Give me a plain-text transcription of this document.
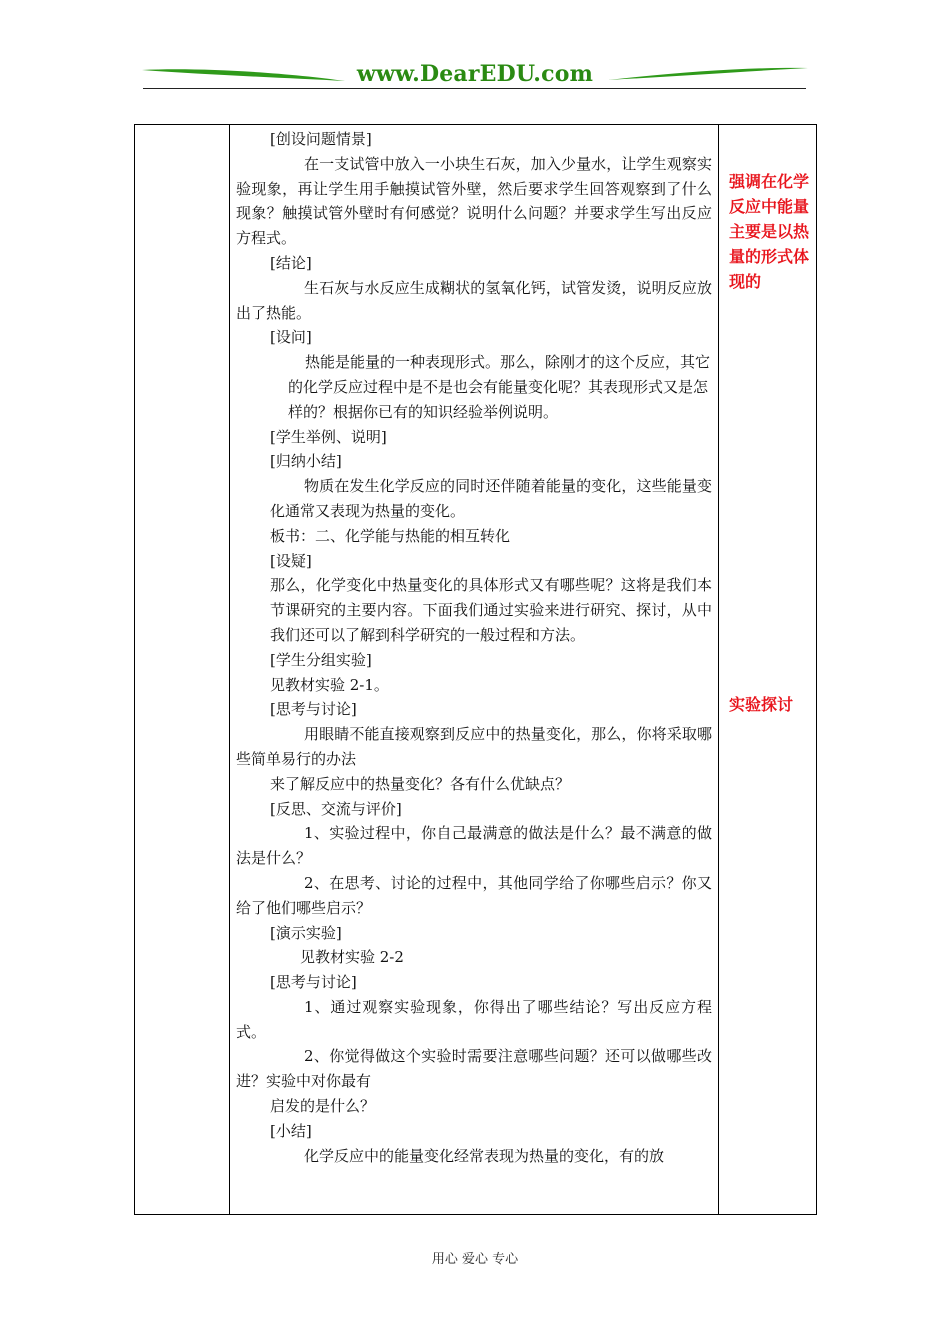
www.DearEDU.com

[创设问题情景]

在一支试管中放入一小块生石灰，加入少量水，让学生观察实验现象，再让学生用手触摸试管外壁，然后要求学生回答观察到了什么现象？触摸试管外壁时有何感觉？说明什么问题？并要求学生写出反应方程式。

[结论]

生石灰与水反应生成糊状的氢氧化钙，试管发烫，说明反应放出了热能。

[设问]

热能是能量的一种表现形式。那么，除刚才的这个反应，其它的化学反应过程中是不是也会有能量变化呢？其表现形式又是怎样的？根据你已有的知识经验举例说明。

[学生举例、说明]

[归纳小结]

物质在发生化学反应的同时还伴随着能量的变化，这些能量变化通常又表现为热量的变化。

板书：二、化学能与热能的相互转化

[设疑]

那么，化学变化中热量变化的具体形式又有哪些呢？这将是我们本节课研究的主要内容。下面我们通过实验来进行研究、探讨，从中我们还可以了解到科学研究的一般过程和方法。

[学生分组实验]

见教材实验 2-1。

[思考与讨论]

用眼睛不能直接观察到反应中的热量变化，那么，你将采取哪些简单易行的办法

来了解反应中的热量变化？各有什么优缺点？

[反思、交流与评价]

1、实验过程中，你自己最满意的做法是什么？最不满意的做法是什么？

2、在思考、讨论的过程中，其他同学给了你哪些启示？你又给了他们哪些启示？

[演示实验]

见教材实验 2-2

[思考与讨论]

1、通过观察实验现象，你得出了哪些结论？写出反应方程式。

2、你觉得做这个实验时需要注意哪些问题？还可以做哪些改进？实验中对你最有

启发的是什么？

[小结]

化学反应中的能量变化经常表现为热量的变化，有的放

强调在化学反应中能量主要是以热量的形式体现的
实验探讨
用心 爱心 专心
